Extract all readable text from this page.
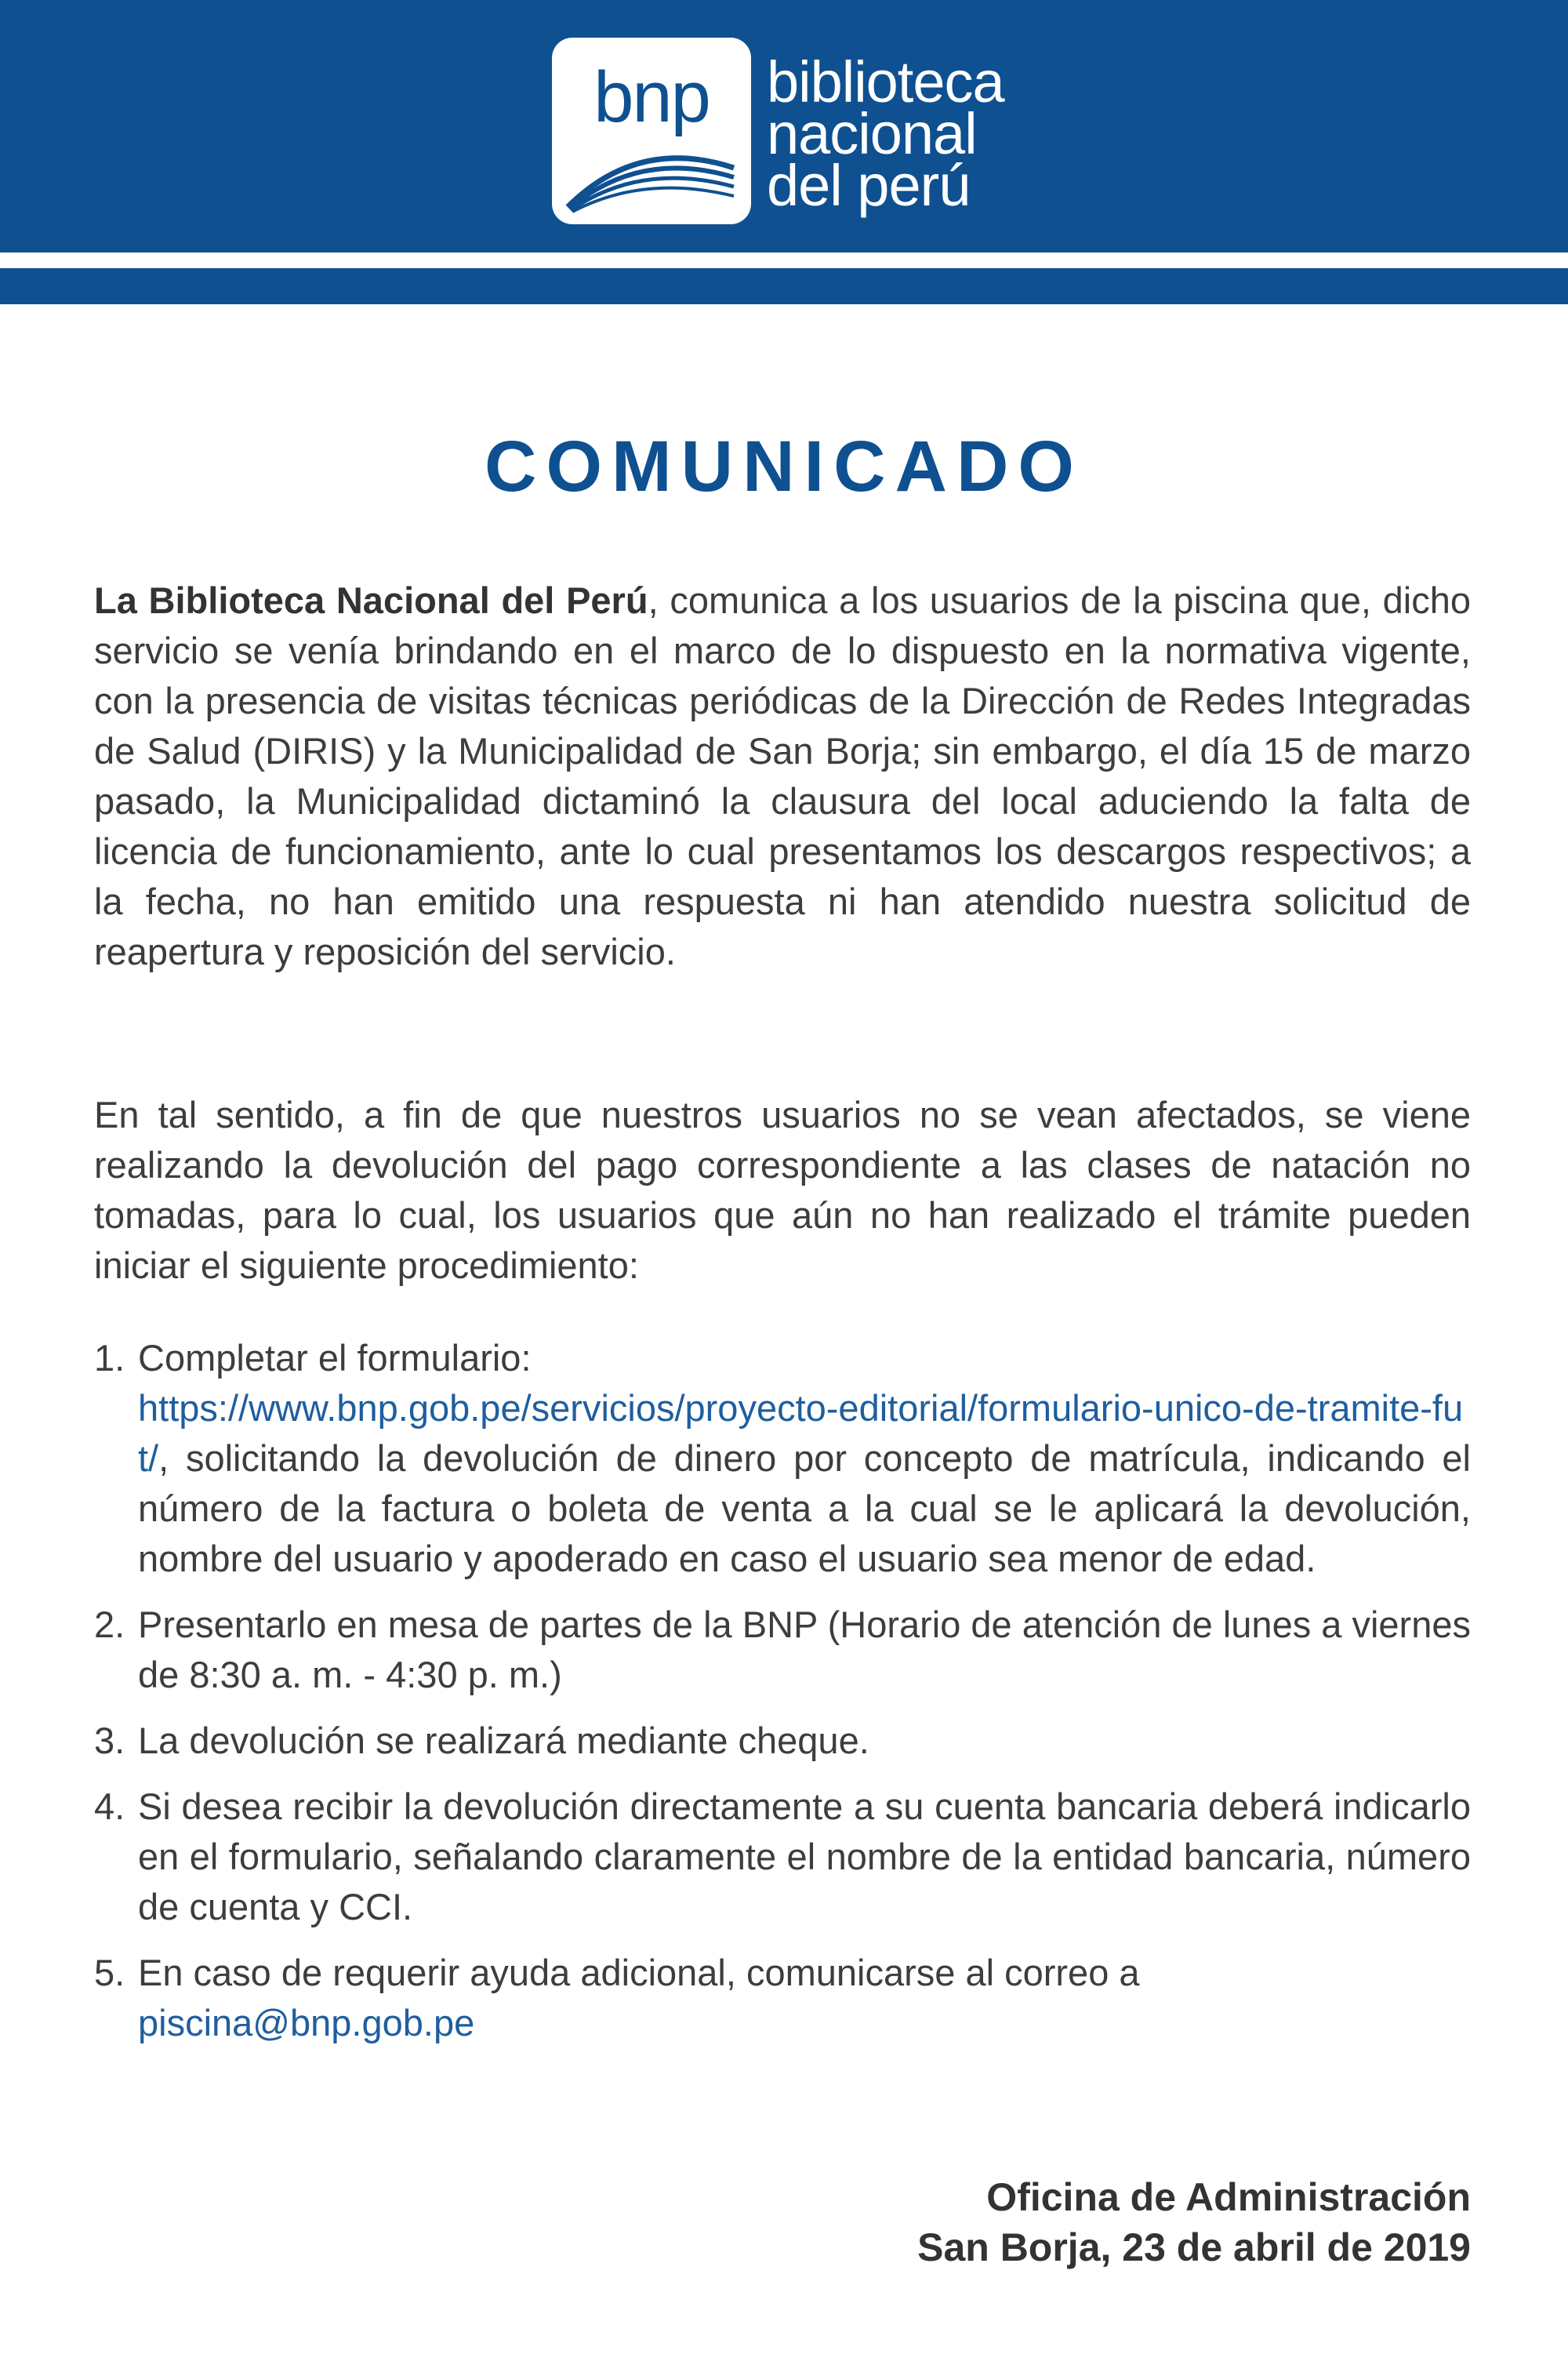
bnp biblioteca
nacional
del perú
COMUNICADO

La Biblioteca Nacional del Perú, comunica a los usuarios de la piscina que, dicho servicio se venía brindando en el marco de lo dispuesto en la normativa vigente, con la presencia de visitas técnicas periódicas de la Dirección de Redes Integradas de Salud (DIRIS) y la Municipalidad de San Borja; sin embargo, el día 15 de marzo pasado, la Municipalidad dictaminó la clausura del local aduciendo la falta de licencia de funcionamiento, ante lo cual presentamos los descargos respectivos; a la fecha, no han emitido una respuesta ni han atendido nuestra solicitud de reapertura y reposición del servicio.

En tal sentido, a fin de que nuestros usuarios no se vean afectados, se viene realizando la devolución del pago correspondiente a las clases de natación no tomadas, para lo cual, los usuarios que aún no han realizado el trámite pueden iniciar el siguiente procedimiento:

1. Completar el formulario:
https://www.bnp.gob.pe/servicios/proyecto-editorial/formulario-unico-de-tramite-fut/, solicitando la devolución de dinero por concepto de matrícula, indicando el número de la factura o boleta de venta a la cual se le aplicará la devolución, nombre del usuario y apoderado en caso el usuario sea menor de edad.
2. Presentarlo en mesa de partes de la BNP (Horario de atención de lunes a viernes de 8:30 a. m. - 4:30 p. m.)
3. La devolución se realizará mediante cheque.
4. Si desea recibir la devolución directamente a su cuenta bancaria deberá indicarlo en el formulario, señalando claramente el nombre de la entidad bancaria, número de cuenta y CCI.
5. En caso de requerir ayuda adicional, comunicarse al correo a
piscina@bnp.gob.pe
Oficina de Administración
San Borja, 23 de abril de 2019
